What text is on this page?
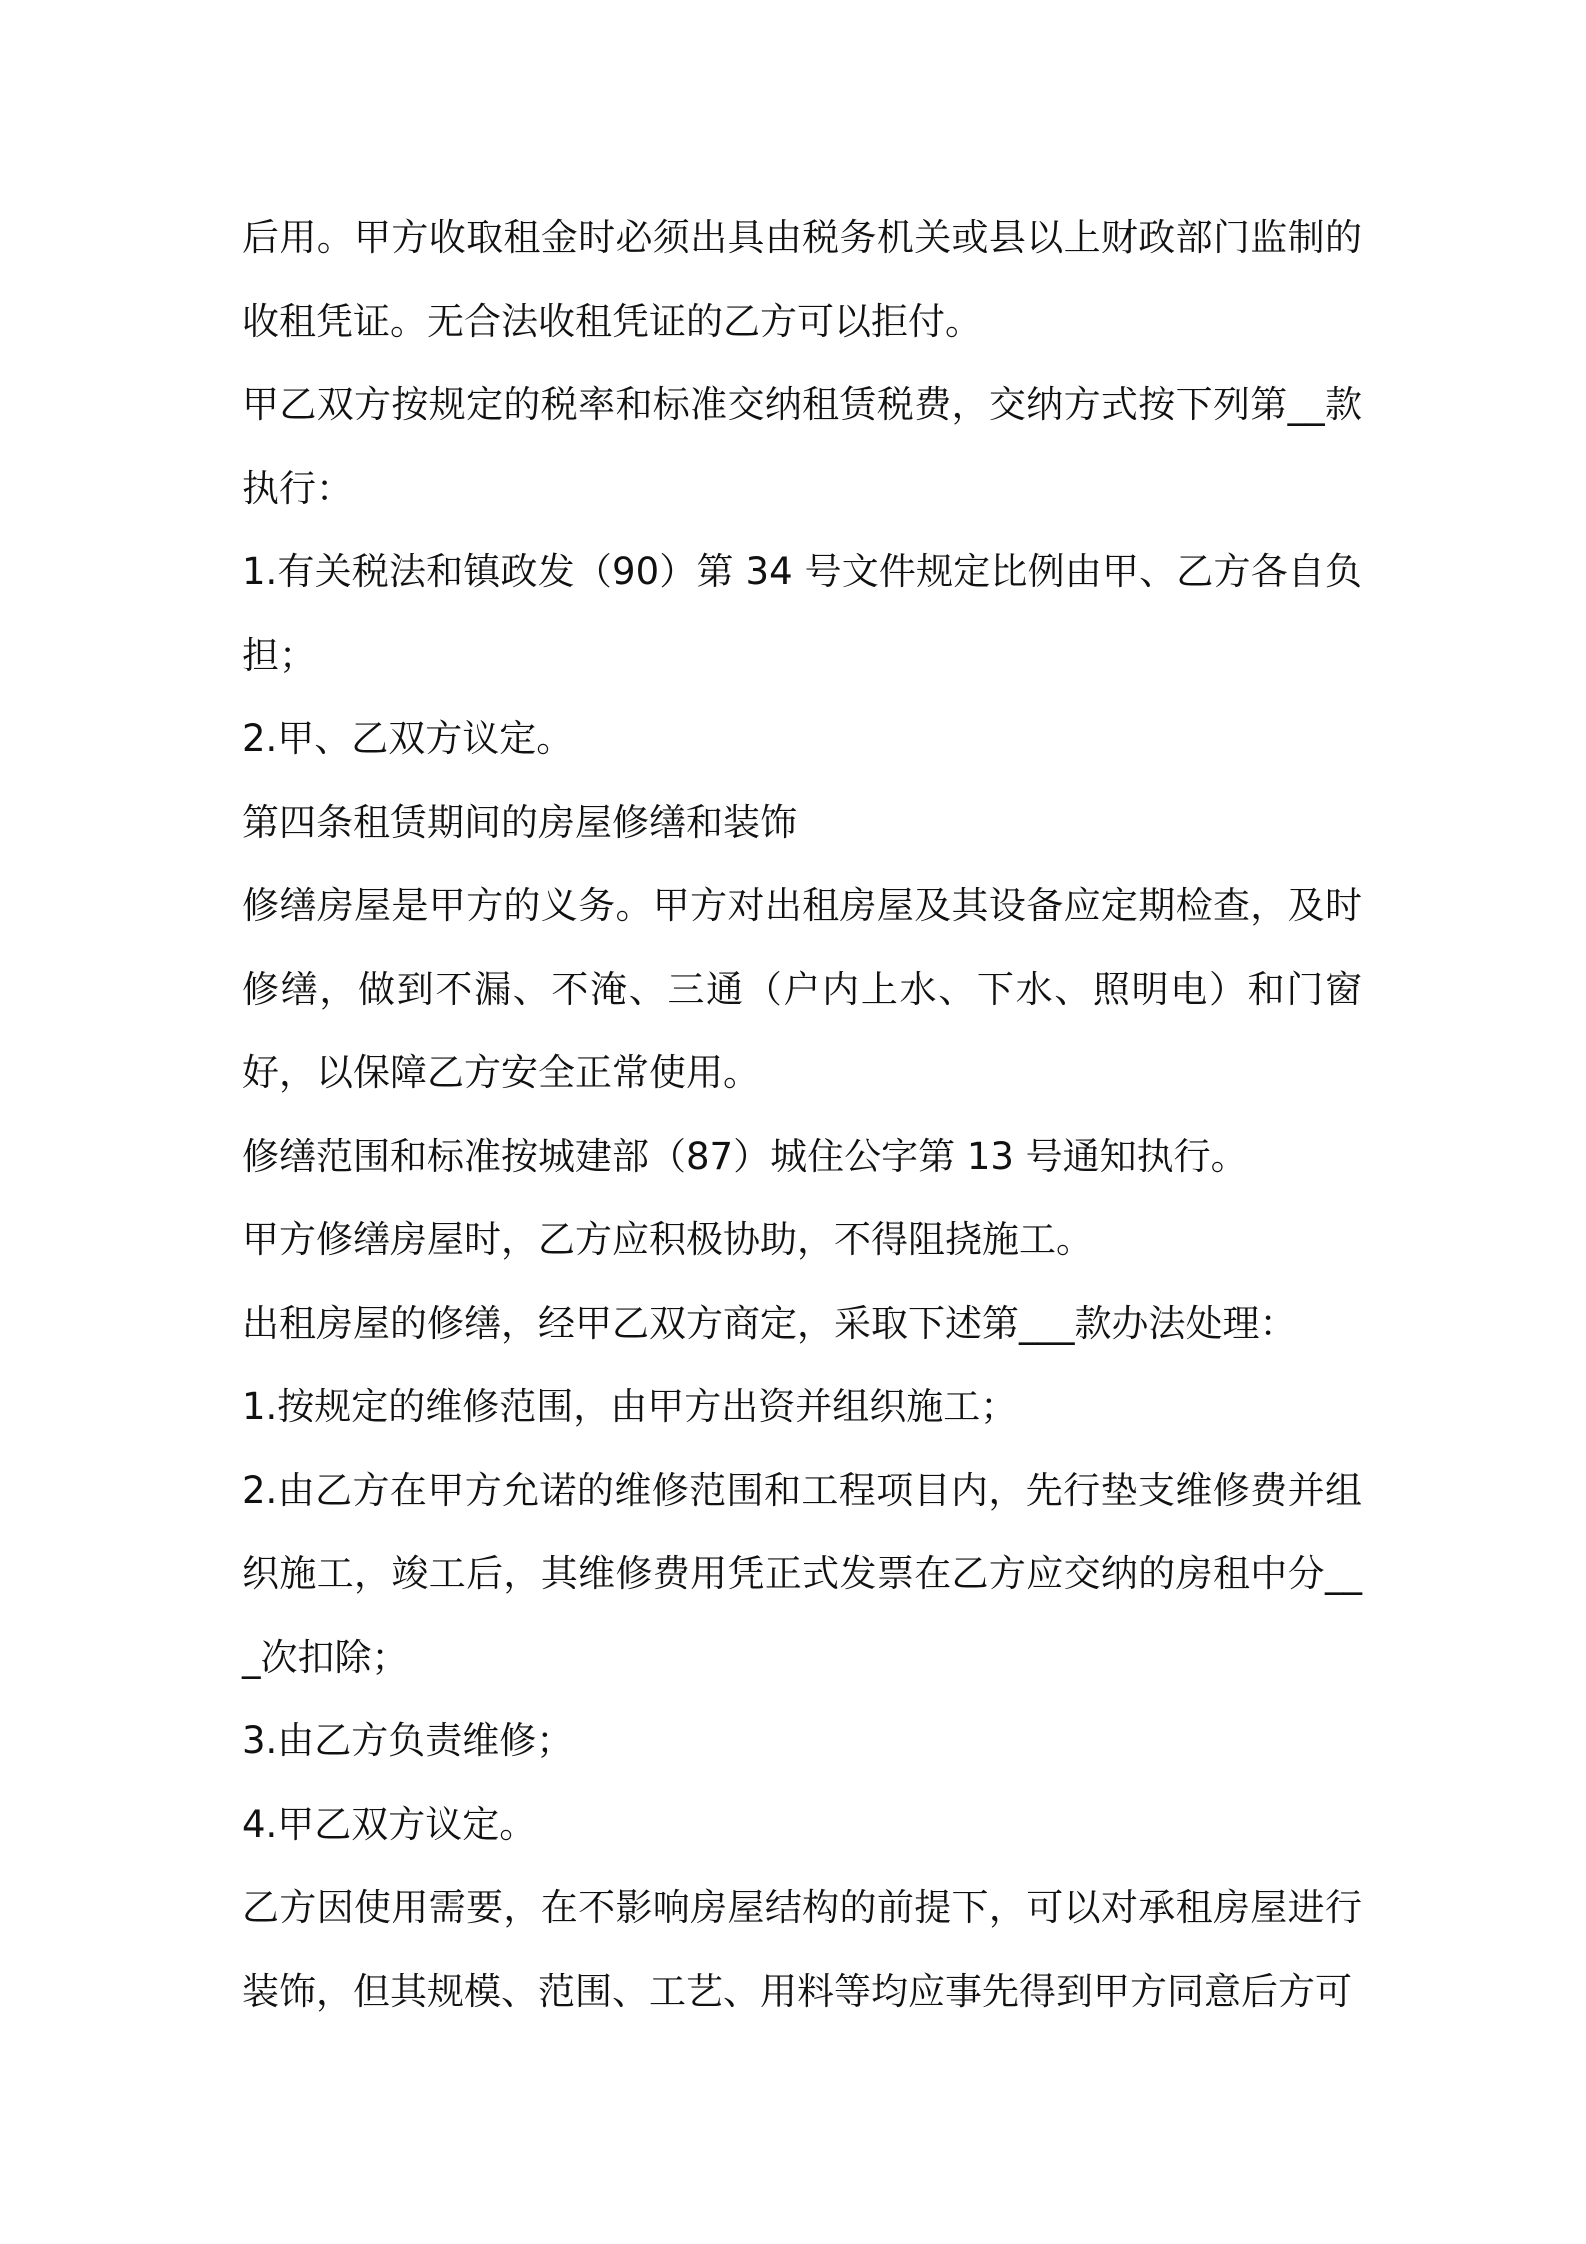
后用。甲方收取租金时必须出具由税务机关或县以上财政部门监制的收租凭证。无合法收租凭证的乙方可以拒付。

甲乙双方按规定的税率和标准交纳租赁税费，交纳方式按下列第__款执行：

1.有关税法和镇政发（90）第 34 号文件规定比例由甲、乙方各自负担；

2.甲、乙双方议定。

第四条租赁期间的房屋修缮和装饰

修缮房屋是甲方的义务。甲方对出租房屋及其设备应定期检查，及时修缮，做到不漏、不淹、三通（户内上水、下水、照明电）和门窗好，以保障乙方安全正常使用。

修缮范围和标准按城建部（87）城住公字第 13 号通知执行。

甲方修缮房屋时，乙方应积极协助，不得阻挠施工。

出租房屋的修缮，经甲乙双方商定，采取下述第___款办法处理：

1.按规定的维修范围，由甲方出资并组织施工；

2.由乙方在甲方允诺的维修范围和工程项目内，先行垫支维修费并组织施工，竣工后，其维修费用凭正式发票在乙方应交纳的房租中分___次扣除；

3.由乙方负责维修；

4.甲乙双方议定。

乙方因使用需要，在不影响房屋结构的前提下，可以对承租房屋进行装饰，但其规模、范围、工艺、用料等均应事先得到甲方同意后方可
